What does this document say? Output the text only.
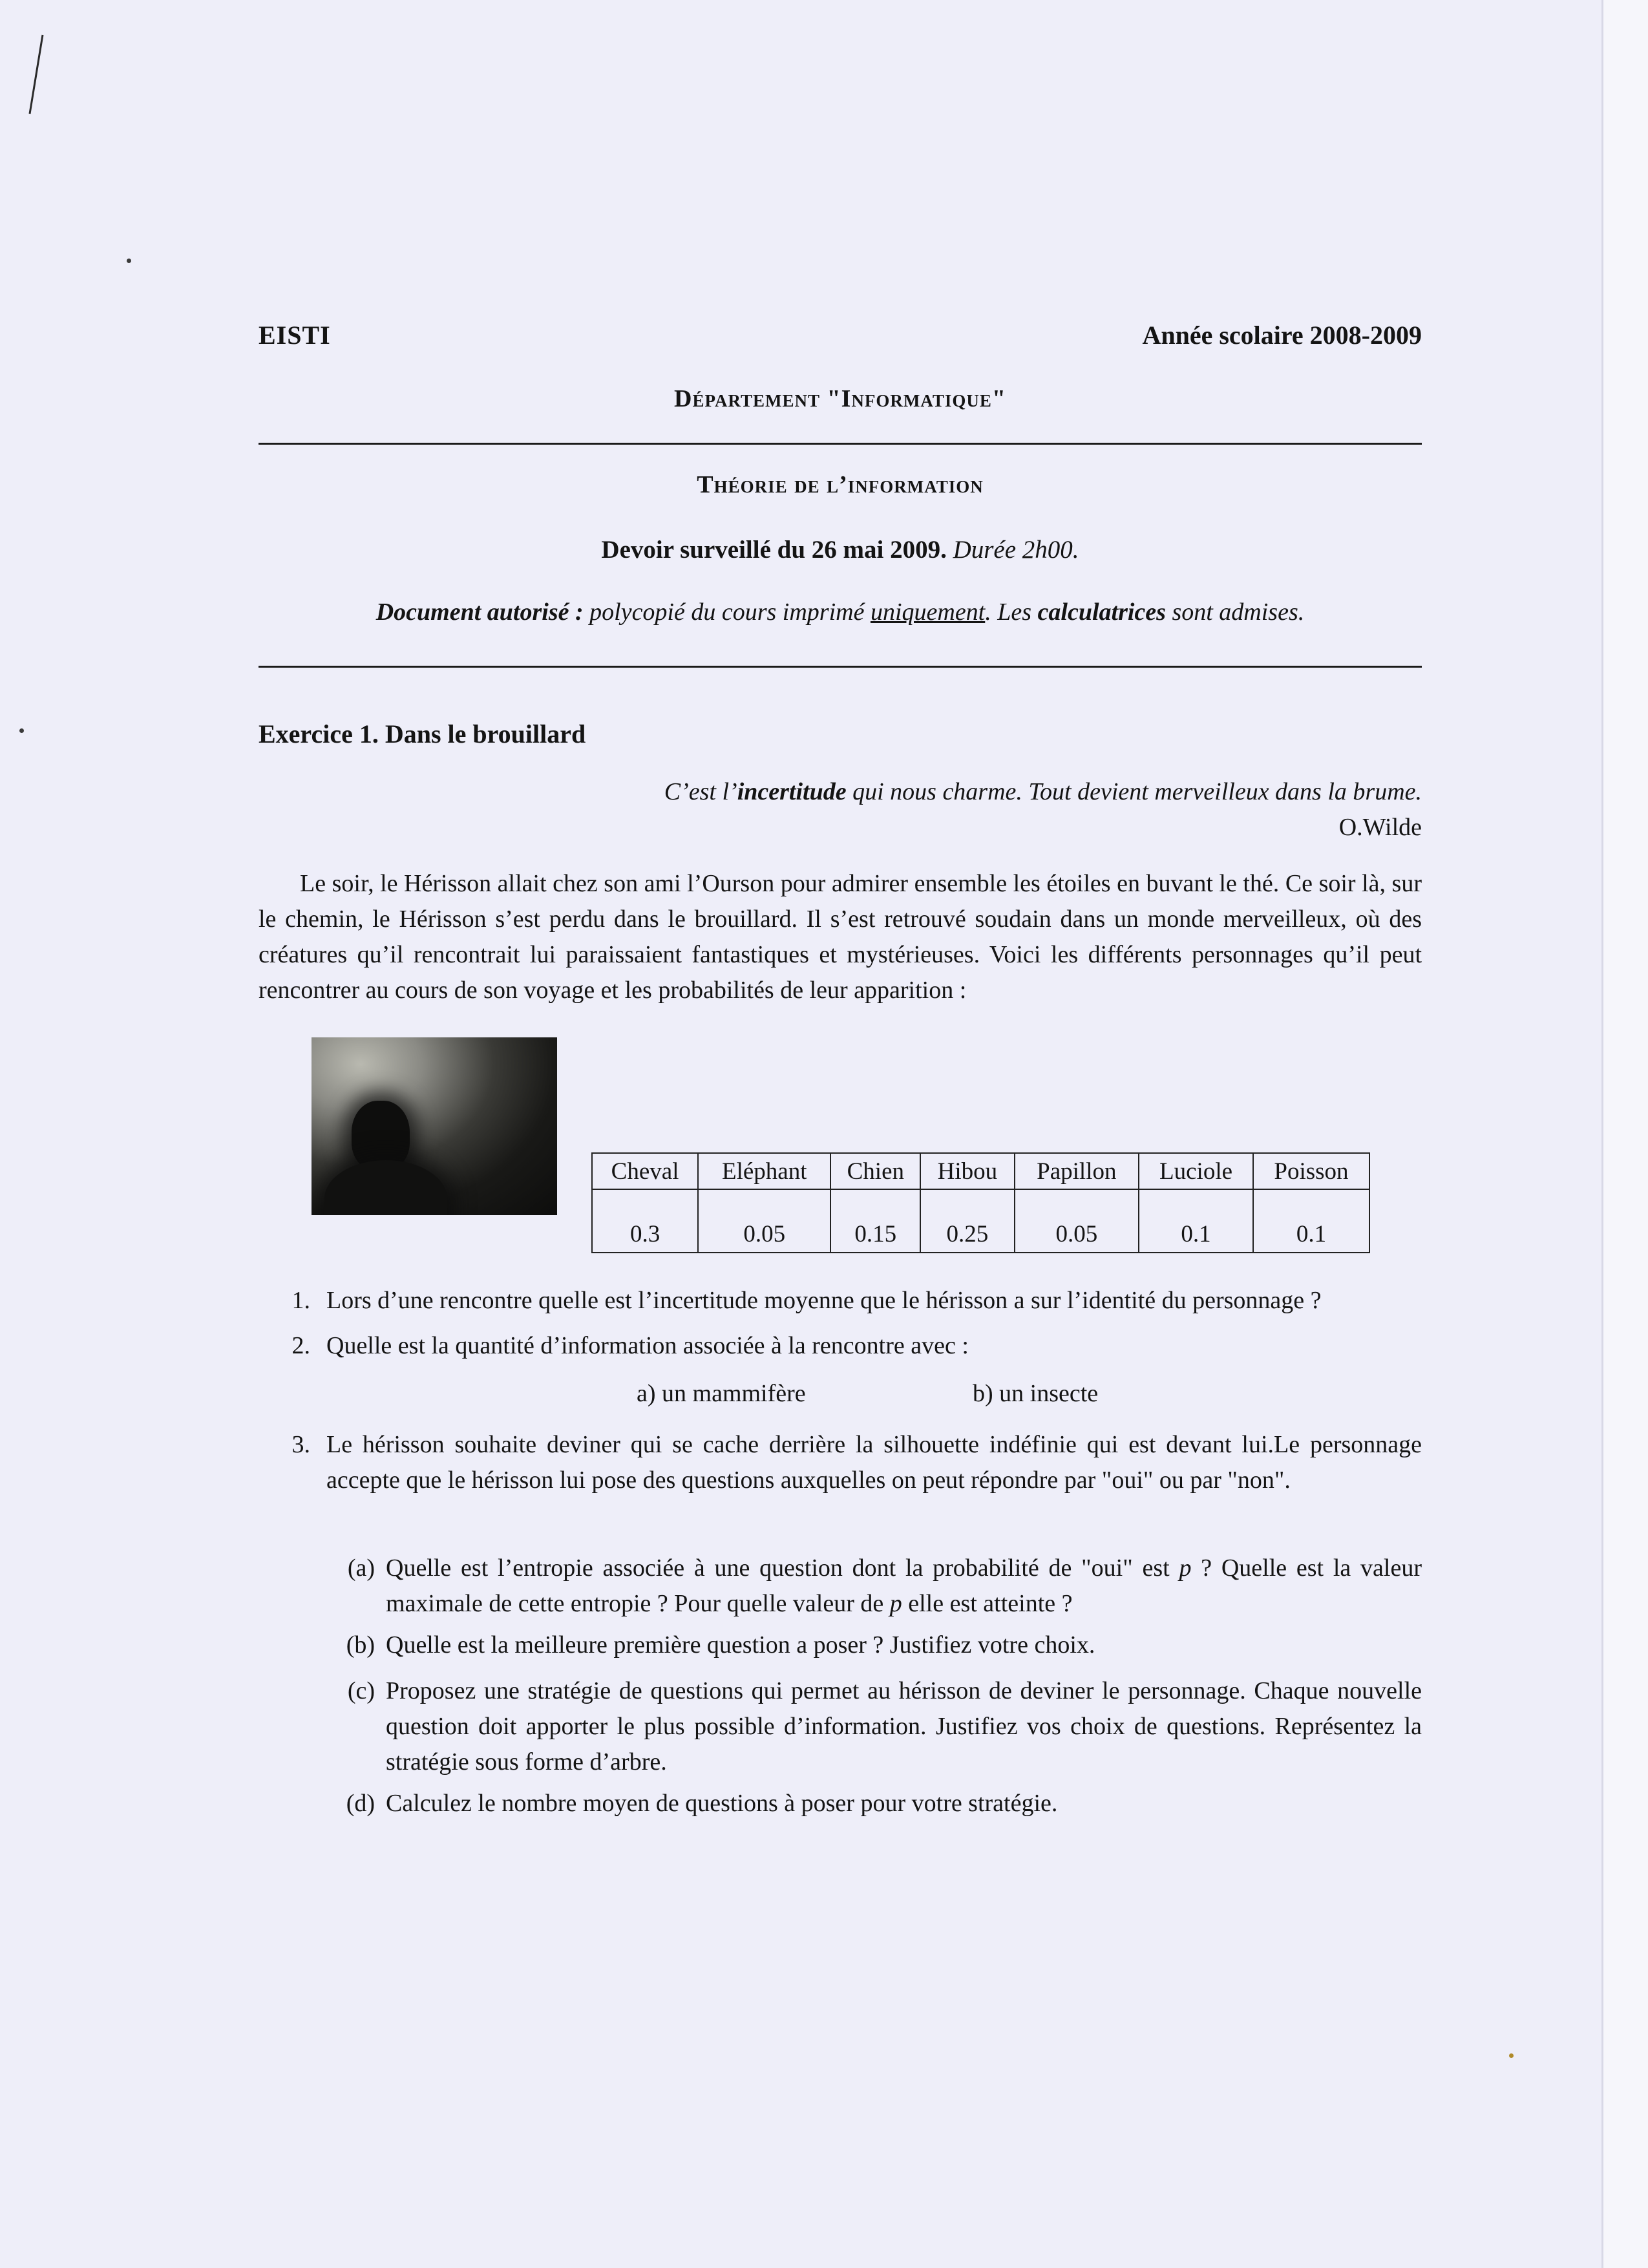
EISTI	Année scolaire 2008-2009
Département "Informatique"
Théorie de l’information
Devoir surveillé du 26 mai 2009. Durée 2h00.
Document autorisé : polycopié du cours imprimé uniquement. Les calculatrices sont admises.
Exercice 1. Dans le brouillard
C’est l’incertitude qui nous charme. Tout devient merveilleux dans la brume.
O.Wilde
Le soir, le Hérisson allait chez son ami l’Ourson pour admirer ensemble les étoiles en buvant le thé. Ce soir là, sur le chemin, le Hérisson s’est perdu dans le brouillard. Il s’est retrouvé soudain dans un monde merveilleux, où des créatures qu’il rencontrait lui paraissaient fantastiques et mystérieuses. Voici les différents personnages qu’il peut rencontrer au cours de son voyage et les probabilités de leur apparition :
Cheval	Eléphant	Chien	Hibou	Papillon	Luciole	Poisson
0.3	0.05	0.15	0.25	0.05	0.1	0.1
1. Lors d’une rencontre quelle est l’incertitude moyenne que le hérisson a sur l’identité du personnage ?
2. Quelle est la quantité d’information associée à la rencontre avec :
a) un mammifère	b) un insecte
3. Le hérisson souhaite deviner qui se cache derrière la silhouette indéfinie qui est devant lui.Le personnage accepte que le hérisson lui pose des questions auxquelles on peut répondre par "oui" ou par "non".
(a) Quelle est l’entropie associée à une question dont la probabilité de "oui" est p ? Quelle est la valeur maximale de cette entropie ? Pour quelle valeur de p elle est atteinte ?
(b) Quelle est la meilleure première question a poser ? Justifiez votre choix.
(c) Proposez une stratégie de questions qui permet au hérisson de deviner le personnage. Chaque nouvelle question doit apporter le plus possible d’information. Justifiez vos choix de questions. Représentez la stratégie sous forme d’arbre.
(d) Calculez le nombre moyen de questions à poser pour votre stratégie.
